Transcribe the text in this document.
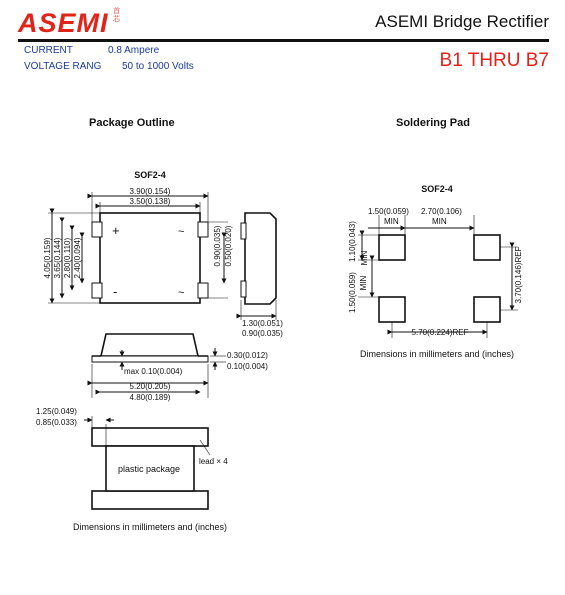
ASEMI 首芯	ASEMI Bridge Rectifier
CURRENT	0.8 Ampere
VOLTAGE RANG 50 to 1000 Volts	B1 THRU B7
Package Outline	Soldering Pad
SOF2-4
3.90(0.154)
3.50(0.138)
4.05(0.159) 3.65(0.144) 2.80(0.110) 2.40(0.094)	0.90(0.035) 0.50(0.020)
+
-
~
~
1.30(0.051)
0.90(0.035)
0.30(0.012)
0.10(0.004)
max 0.10(0.004)
5.20(0.205)
4.80(0.189)
1.25(0.049)
0.85(0.033)
plastic package
lead × 4
Dimensions in millimeters and (inches)
SOF2-4
1.50(0.059)
MIN
2.70(0.106)
MIN
1.10(0.043) MIN
1.50(0.059) MIN	3.70(0.146)REF
5.70(0.224)REF
Dimensions in millimeters and (inches)
